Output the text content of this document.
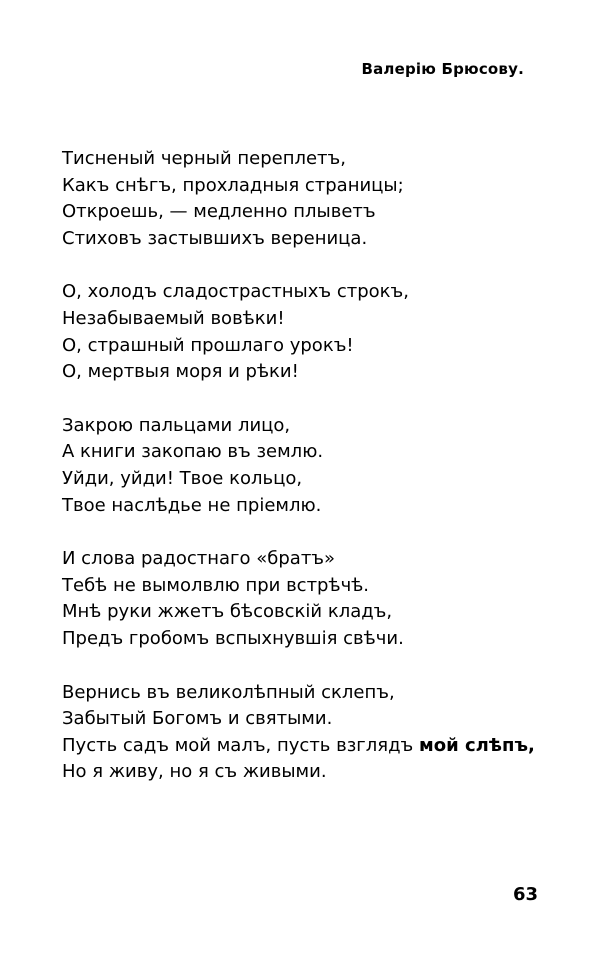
Валерію Брюсову.
Тисненый черный переплетъ,
Какъ снѣгъ, прохладныя страницы;
Откроешь, — медленно плыветъ
Стиховъ застывшихъ вереница.
О, холодъ сладострастныхъ строкъ,
Незабываемый вовѣки!
О, страшный прошлаго урокъ!
О, мертвыя моря и рѣки!
Закрою пальцами лицо,
А книги закопаю въ землю.
Уйди, уйди! Твое кольцо,
Твое наслѣдье не пріемлю.
И слова радостнаго «братъ»
Тебѣ не вымолвлю при встрѣчѣ.
Мнѣ руки жжетъ бѣсовскій кладъ,
Предъ гробомъ вспыхнувшія свѣчи.
Вернись въ великолѣпный склепъ,
Забытый Богомъ и святыми.
Пусть садъ мой малъ, пусть взглядъ мой слѣпъ,
Но я живу, но я съ живыми.
63
